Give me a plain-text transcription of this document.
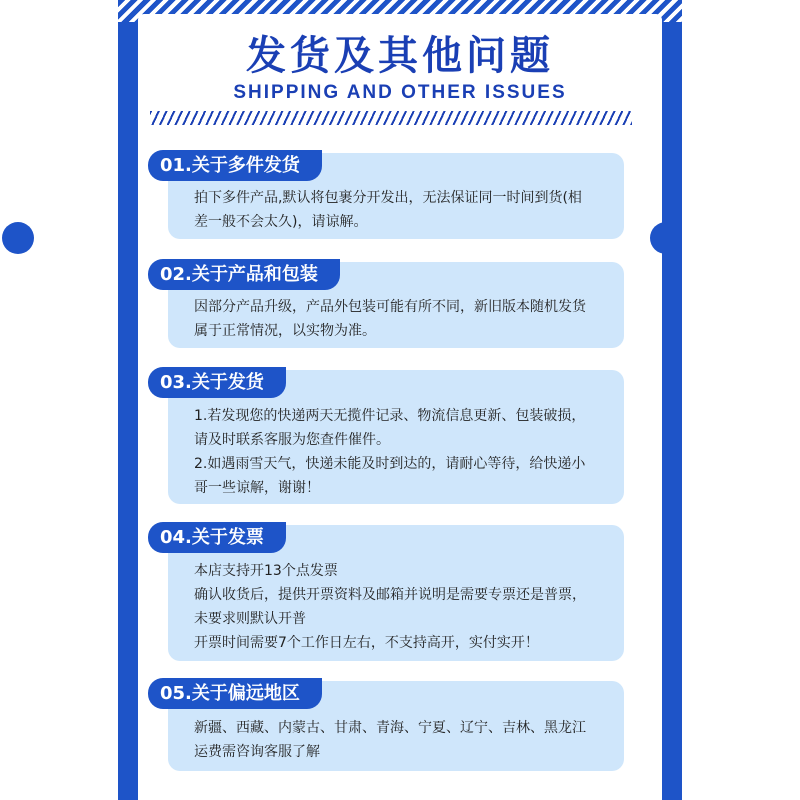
发货及其他问题
SHIPPING AND OTHER ISSUES
01.关于多件发货
拍下多件产品,默认将包裹分开发出，无法保证同一时间到货(相
差一般不会太久)，请谅解。
02.关于产品和包装
因部分产品升级，产品外包装可能有所不同，新旧版本随机发货
属于正常情况，以实物为准。
03.关于发货
1.若发现您的快递两天无揽件记录、物流信息更新、包装破损，
请及时联系客服为您查件催件。
2.如遇雨雪天气，快递未能及时到达的，请耐心等待，给快递小
哥一些谅解，谢谢！
04.关于发票
本店支持开13个点发票
确认收货后，提供开票资料及邮箱并说明是需要专票还是普票，
未要求则默认开普
开票时间需要7个工作日左右，不支持高开，实付实开！
05.关于偏远地区
新疆、西藏、内蒙古、甘肃、青海、宁夏、辽宁、吉林、黑龙江
运费需咨询客服了解
